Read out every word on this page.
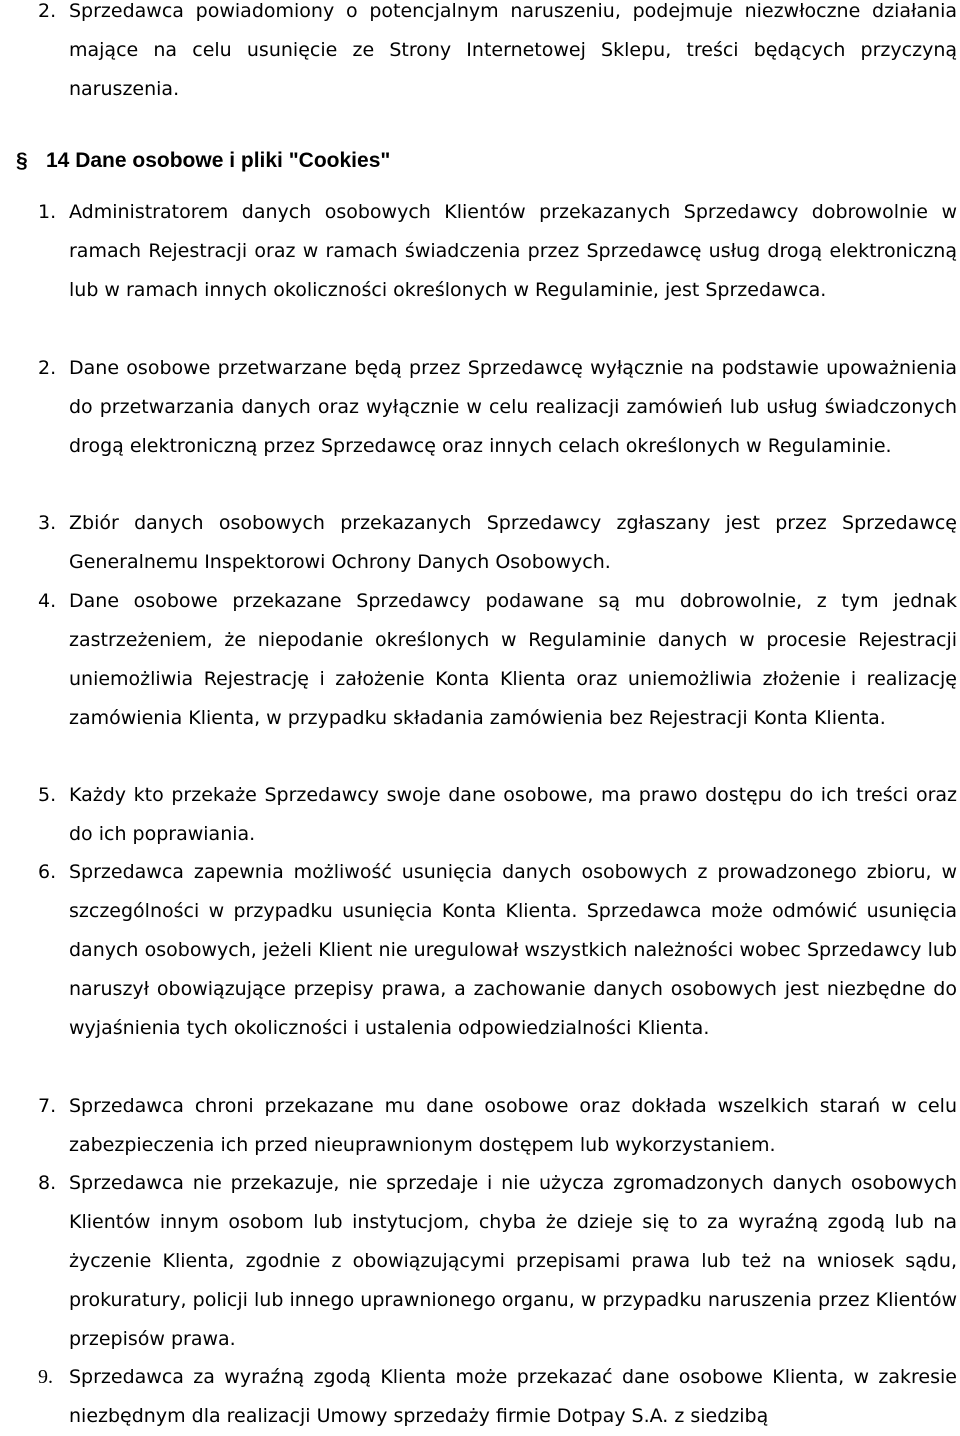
2. Sprzedawca powiadomiony o potencjalnym naruszeniu, podejmuje niezwłoczne działania mające na celu usunięcie ze Strony Internetowej Sklepu, treści będących przyczyną naruszenia.
§ 14 Dane osobowe i pliki "Cookies"
1. Administratorem danych osobowych Klientów przekazanych Sprzedawcy dobrowolnie w ramach Rejestracji oraz w ramach świadczenia przez Sprzedawcę usług drogą elektroniczną lub w ramach innych okoliczności określonych w Regulaminie, jest Sprzedawca.
2. Dane osobowe przetwarzane będą przez Sprzedawcę wyłącznie na podstawie upoważnienia do przetwarzania danych oraz wyłącznie w celu realizacji zamówień lub usług świadczonych drogą elektroniczną przez Sprzedawcę oraz innych celach określonych w Regulaminie.
3. Zbiór danych osobowych przekazanych Sprzedawcy zgłaszany jest przez Sprzedawcę Generalnemu Inspektorowi Ochrony Danych Osobowych.
4. Dane osobowe przekazane Sprzedawcy podawane są mu dobrowolnie, z tym jednak zastrzeżeniem, że niepodanie określonych w Regulaminie danych w procesie Rejestracji uniemożliwia Rejestrację i założenie Konta Klienta oraz uniemożliwia złożenie i realizację zamówienia Klienta, w przypadku składania zamówienia bez Rejestracji Konta Klienta.
5. Każdy kto przekaże Sprzedawcy swoje dane osobowe, ma prawo dostępu do ich treści oraz do ich poprawiania.
6. Sprzedawca zapewnia możliwość usunięcia danych osobowych z prowadzonego zbioru, w szczególności w przypadku usunięcia Konta Klienta. Sprzedawca może odmówić usunięcia danych osobowych, jeżeli Klient nie uregulował wszystkich należności wobec Sprzedawcy lub naruszył obowiązujące przepisy prawa, a zachowanie danych osobowych jest niezbędne do wyjaśnienia tych okoliczności i ustalenia odpowiedzialności Klienta.
7. Sprzedawca chroni przekazane mu dane osobowe oraz dokłada wszelkich starań w celu zabezpieczenia ich przed nieuprawnionym dostępem lub wykorzystaniem.
8. Sprzedawca nie przekazuje, nie sprzedaje i nie użycza zgromadzonych danych osobowych Klientów innym osobom lub instytucjom, chyba że dzieje się to za wyraźną zgodą lub na życzenie Klienta, zgodnie z obowiązującymi przepisami prawa lub też na wniosek sądu, prokuratury, policji lub innego uprawnionego organu, w przypadku naruszenia przez Klientów przepisów prawa.
9. Sprzedawca za wyraźną zgodą Klienta może przekazać dane osobowe Klienta, w zakresie niezbędnym dla realizacji Umowy sprzedaży firmie Dotpay S.A. z siedzibą
